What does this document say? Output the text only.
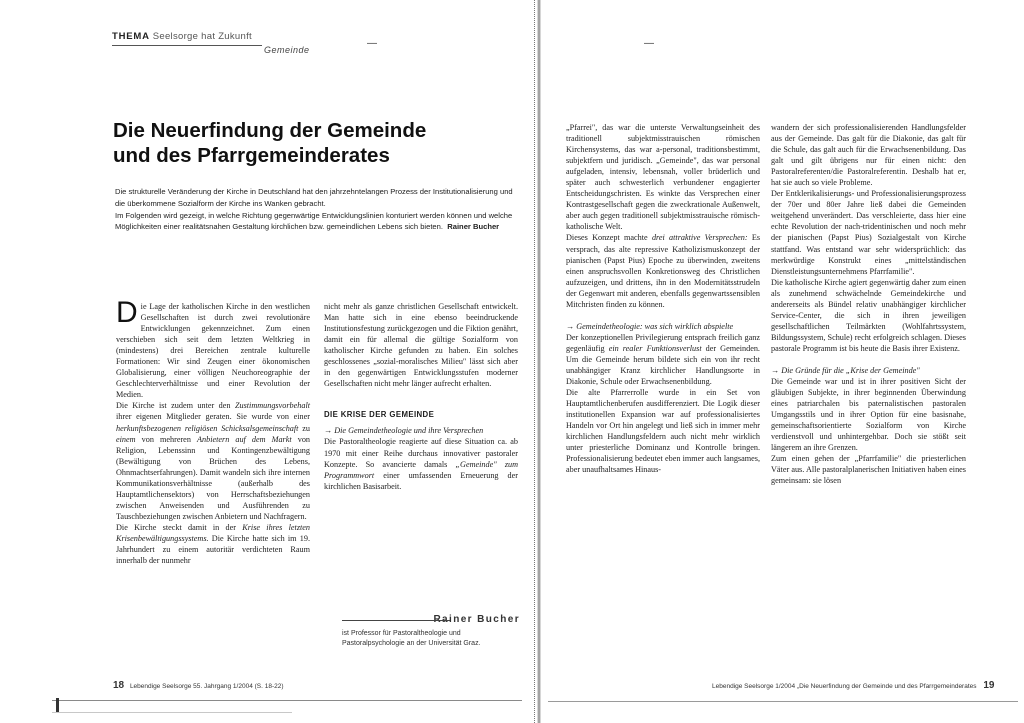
THEMA Seelsorge hat Zukunft
Gemeinde
—	—
Die Neuerfindung der Gemeinde
und des Pfarrgemeinderates

Die strukturelle Veränderung der Kirche in Deutschland hat den jahrzehntelangen Prozess der Institutionalisierung und die überkommene Sozialform der Kirche ins Wanken gebracht.

Im Folgenden wird gezeigt, in welche Richtung gegenwärtige Entwicklungslinien konturiert werden können und welche Möglichkeiten einer realitätsnahen Gestaltung kirchlichen bzw. gemeindlichen Lebens sich bieten. Rainer Bucher

Die Lage der katholischen Kirche in den westlichen Gesellschaften ist durch zwei revolutionäre Entwicklungen gekennzeichnet. Zum einen verschieben sich seit dem letzten Weltkrieg in (mindestens) drei Bereichen zentrale kulturelle Formationen: Wir sind Zeugen einer ökonomischen Globalisierung, einer völligen Neuchoreographie der Geschlechterverhältnisse und einer Revolution der Medien.

Die Kirche ist zudem unter den Zustimmungsvorbehalt ihrer eigenen Mitglieder geraten. Sie wurde von einer herkunftsbezogenen religiösen Schicksalsgemeinschaft zu einem von mehreren Anbietern auf dem Markt von Religion, Lebenssinn und Kontingenzbewältigung (Bewältigung von Brüchen des Lebens, Ohnmachtserfahrungen). Damit wandeln sich ihre internen Kommunikationsverhältnisse (außerhalb des Hauptamtlichensektors) von Herrschaftsbeziehungen zwischen Anweisenden und Ausführenden zu Tauschbeziehungen zwischen Anbietern und Nachfragern.

Die Kirche steckt damit in der Krise ihres letzten Krisenbewältigungssystems. Die Kirche hatte sich im 19. Jahrhundert zu einem autoritär verdichteten Raum innerhalb der nunmehr

nicht mehr als ganze christlichen Gesellschaft entwickelt. Man hatte sich in eine ebenso beeindruckende Institutionsfestung zurückgezogen und die Fiktion genährt, damit ein für allemal die gültige Sozialform von katholischer Kirche gefunden zu haben. Ein solches geschlossenes „sozial-moralisches Milieu" lässt sich aber in den gegenwärtigen Entwicklungsstufen moderner Gesellschaften nicht mehr länger aufrecht erhalten.

DIE KRISE DER GEMEINDE

→ Die Gemeindetheologie und ihre Versprechen

Die Pastoraltheologie reagierte auf diese Situation ca. ab 1970 mit einer Reihe durchaus innovativer pastoraler Konzepte. So avancierte damals „Gemeinde" zum Programmwort einer umfassenden Erneuerung der kirchlichen Basisarbeit.

Rainer Bucher
ist Professor für Pastoraltheologie und Pastoralpsychologie an der Universität Graz.

„Pfarrei", das war die unterste Verwaltungseinheit des traditionell subjektmisstrauischen römischen Kirchensystems, das war a-personal, traditionsbestimmt, subjektfern und juridisch. „Gemeinde", das war personal aufgeladen, intensiv, lebensnah, voller brüderlich und später auch schwesterlich verbundener engagierter Entscheidungschristen. Es winkte das Versprechen einer Kontrastgesellschaft gegen die zweckrationale Außenwelt, aber auch gegen traditionell subjektmisstrauische römisch-katholische Welt.

Dieses Konzept machte drei attraktive Versprechen: Es versprach, das alte repressive Katholizismuskonzept der pianischen (Papst Pius) Epoche zu überwinden, zweitens einen anspruchsvollen Konkretionsweg des Christlichen aufzuzeigen, und drittens, ihn in den Modernitätsstrudeln der Gegenwart mit anderen, ebenfalls gegenwartssensiblen Mitchristen finden zu können.

→ Gemeindetheologie: was sich wirklich abspielte

Der konzeptionellen Privilegierung entsprach freilich ganz gegenläufig ein realer Funktionsverlust der Gemeinden. Um die Gemeinde herum bildete sich ein von ihr recht unabhängiger Kranz kirchlicher Handlungsorte in Diakonie, Schule oder Erwachsenenbildung.

Die alte Pfarrerrolle wurde in ein Set von Hauptamtlichenberufen ausdifferenziert. Die Logik dieser institutionellen Expansion war auf professionalisiertes Handeln vor Ort hin angelegt und ließ sich in immer mehr kirchlichen Handlungsfeldern auch nicht mehr wirklich unter priesterliche Dominanz und Kontrolle bringen. Professionalisierung bedeutet eben immer auch langsames, aber unaufhaltsames Hinaus-

wandern der sich professionalisierenden Handlungsfelder aus der Gemeinde. Das galt für die Diakonie, das galt für die Schule, das galt auch für die Erwachsenenbildung. Das galt und gilt übrigens nur für einen nicht: den Pastoralreferenten/die Pastoralreferentin. Deshalb hat er, hat sie auch so viele Probleme.

Der Entklerikalisierungs- und Professionalisierungsprozess der 70er und 80er Jahre ließ dabei die Gemeinden weitgehend unverändert. Das verschleierte, dass hier eine echte Revolution der nach-tridentinischen und noch mehr der pianischen (Papst Pius) Sozialgestalt von Kirche stattfand. Was entstand war sehr widersprüchlich: das merkwürdige Konstrukt eines „mittelständischen Dienstleistungsunternehmens Pfarrfamilie".

Die katholische Kirche agiert gegenwärtig daher zum einen als zunehmend schwächelnde Gemeindekirche und andererseits als Bündel relativ unabhängiger kirchlicher Service-Center, die sich in ihren jeweiligen gesellschaftlichen Teilmärkten (Wohlfahrtssystem, Bildungssystem, Schule) recht erfolgreich schlagen. Dieses pastorale Programm ist bis heute die Basis ihrer Existenz.

→ Die Gründe für die „Krise der Gemeinde"

Die Gemeinde war und ist in ihrer positiven Sicht der gläubigen Subjekte, in ihrer beginnenden Überwindung eines patriarchalen bis paternalistischen pastoralen Umgangsstils und in ihrer Option für eine basisnahe, gemeinschaftsorientierte Sozialform von Kirche verdienstvoll und unhintergehbar. Doch sie stößt seit längerem an ihre Grenzen.

Zum einen gehen der „Pfarrfamilie" die priesterlichen Väter aus. Alle pastoralplanerischen Initiativen haben eines gemeinsam: sie lösen

18 Lebendige Seelsorge 55. Jahrgang 1/2004 (S. 18-22)	Lebendige Seelsorge 1/2004 „Die Neuerfindung der Gemeinde und des Pfarrgemeinderates 19
